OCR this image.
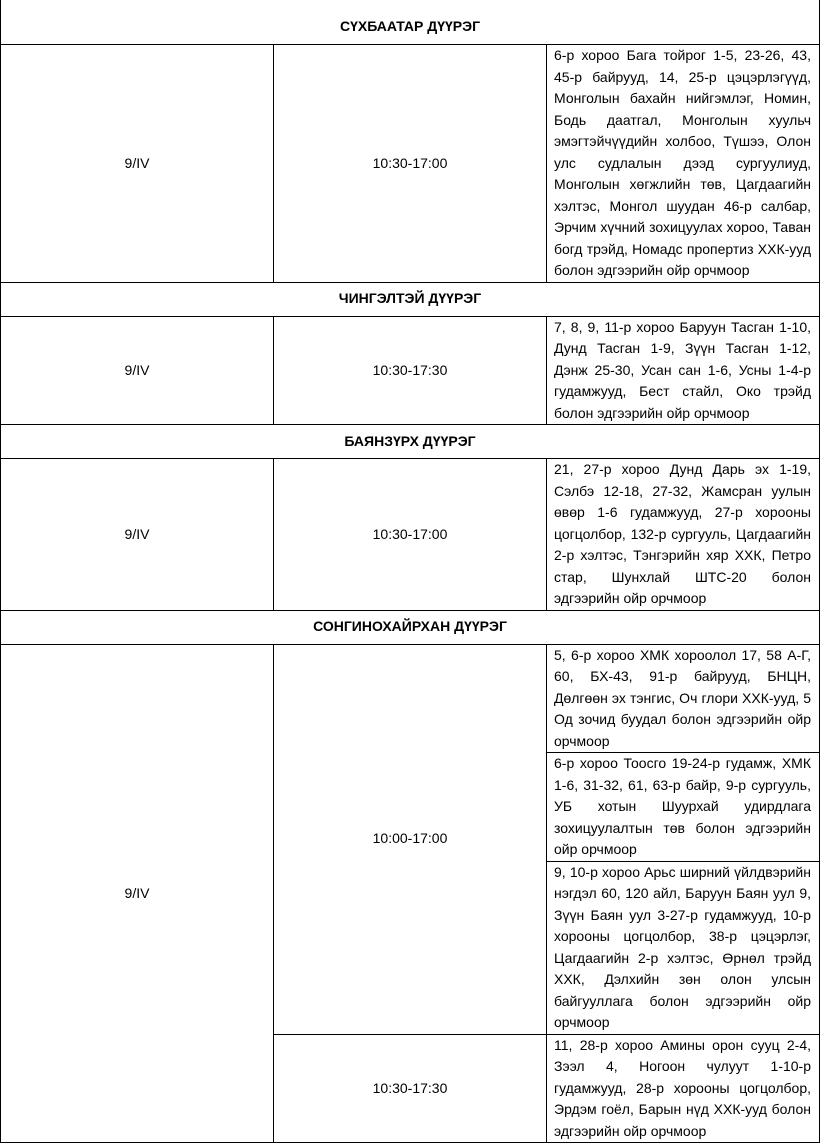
СҮХБААТАР ДҮҮРЭГ		
9/IV	10:30-17:00	6-р хороо Бага тойрог 1-5, 23-26, 43, 45-р байрууд, 14, 25-р цэцэрлэгүүд, Монголын бахайн нийгэмлэг, Номин, Бодь даатгал, Монголын хуульч эмэгтэйчүүдийн холбоо, Түшээ, Олон улс судлалын дээд сургуулиуд, Монголын хөгжлийн төв, Цагдаагийн хэлтэс, Монгол шуудан 46-р салбар, Эрчим хүчний зохицуулах хороо, Таван богд трэйд, Номадс пропертиз ХХК-ууд болон эдгээрийн ойр орчмоор
ЧИНГЭЛТЭЙ ДҮҮРЭГ		
9/IV	10:30-17:30	7, 8, 9, 11-р хороо Баруун Тасган 1-10, Дунд Тасган 1-9, Зүүн Тасган 1-12, Дэнж 25-30, Усан сан 1-6, Усны 1-4-р гудамжууд, Бест стайл, Око трэйд болон эдгээрийн ойр орчмоор
БАЯНЗҮРХ ДҮҮРЭГ		
9/IV	10:30-17:00	21, 27-р хороо Дунд Дарь эх 1-19, Сэлбэ 12-18, 27-32, Жамсран уулын өвөр 1-6 гудамжууд, 27-р хорооны цогцолбор, 132-р сургууль, Цагдаагийн 2-р хэлтэс, Тэнгэрийн хяр ХХК, Петро стар, Шунхлай ШТС-20 болон эдгээрийн ойр орчмоор
СОНГИНОХАЙРХАН ДҮҮРЭГ		
9/IV	10:00-17:00	5, 6-р хороо ХМК хороолол 17, 58 А-Г, 60, БХ-43, 91-р байрууд, БНЦН, Дөлгөөн эх тэнгис, Оч глори ХХК-ууд, 5 Од зочид буудал болон эдгээрийн ойр орчмоор
		6-р хороо Тоосго 19-24-р гудамж, ХМК 1-6, 31-32, 61, 63-р байр, 9-р сургууль, УБ хотын Шуурхай удирдлага зохицуулалтын төв болон эдгээрийн ойр орчмоор
		9, 10-р хороо Арьс ширний үйлдвэрийн нэгдэл 60, 120 айл, Баруун Баян уул 9, Зүүн Баян уул 3-27-р гудамжууд, 10-р хорооны цогцолбор, 38-р цэцэрлэг, Цагдаагийн 2-р хэлтэс, Өрнөл трэйд ХХК, Дэлхийн зөн олон улсын байгууллага болон эдгээрийн ойр орчмоор
	10:30-17:30	11, 28-р хороо Амины орон сууц 2-4, Зээл 4, Ногоон чулуут 1-10-р гудамжууд, 28-р хорооны цогцолбор, Эрдэм гоёл, Барын нүд ХХК-ууд болон эдгээрийн ойр орчмоор
